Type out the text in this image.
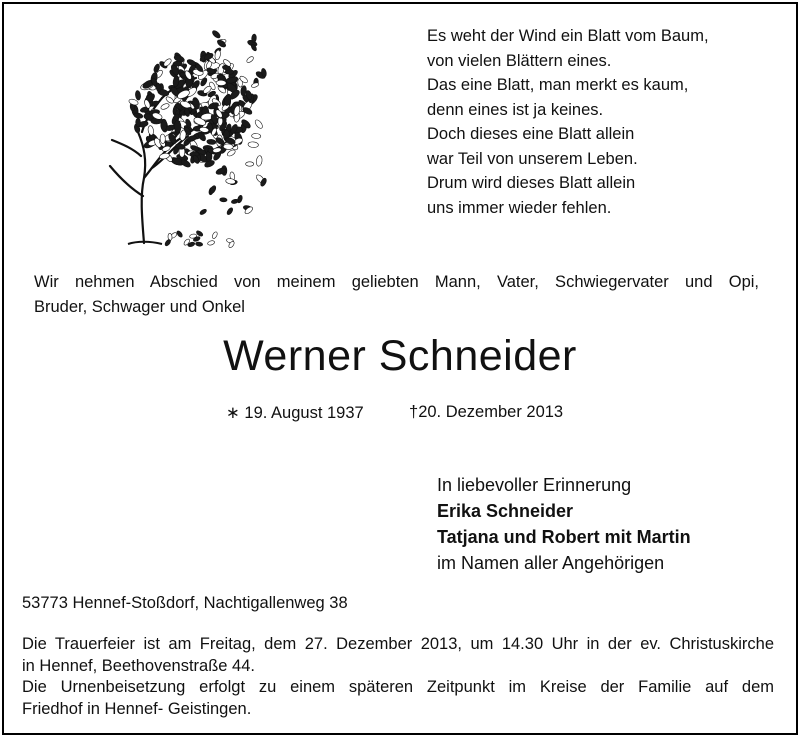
Es weht der Wind ein Blatt vom Baum,
von vielen Blättern eines.
Das eine Blatt, man merkt es kaum,
denn eines ist ja keines.
Doch dieses eine Blatt allein
war Teil von unserem Leben.
Drum wird dieses Blatt allein
uns immer wieder fehlen.
Wir nehmen Abschied von meinem geliebten Mann, Vater, Schwiegervater und Opi,
Bruder, Schwager und Onkel
Werner Schneider
∗ 19. August 1937	†20. Dezember 2013
In liebevoller Erinnerung
Erika Schneider
Tatjana und Robert mit Martin
im Namen aller Angehörigen
53773 Hennef-Stoßdorf, Nachtigallenweg 38
Die Trauerfeier ist am Freitag, dem 27. Dezember 2013, um 14.30 Uhr in der ev. Christuskirche
in Hennef, Beethovenstraße 44.
Die Urnenbeisetzung erfolgt zu einem späteren Zeitpunkt im Kreise der Familie auf dem
Friedhof in Hennef- Geistingen.
